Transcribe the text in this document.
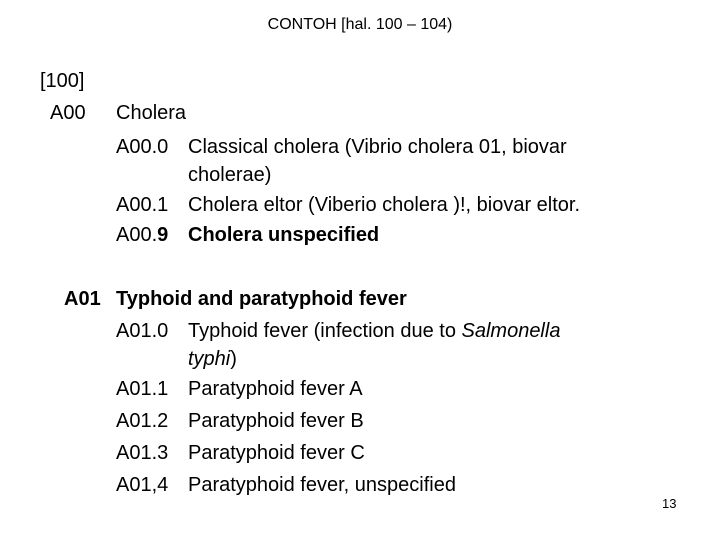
CONTOH [hal. 100 – 104)
[100]
A00 Cholera
A00.0 Classical cholera (Vibrio cholera 01, biovar
cholerae)
A00.1 Cholera eltor (Viberio cholera )!, biovar eltor.
A00.9 Cholera unspecified
A01 Typhoid and paratyphoid fever
A01.0 Typhoid fever (infection due to Salmonella
typhi)
A01.1 Paratyphoid fever A
A01.2 Paratyphoid fever B
A01.3 Paratyphoid fever C
A01,4 Paratyphoid fever, unspecified
13
